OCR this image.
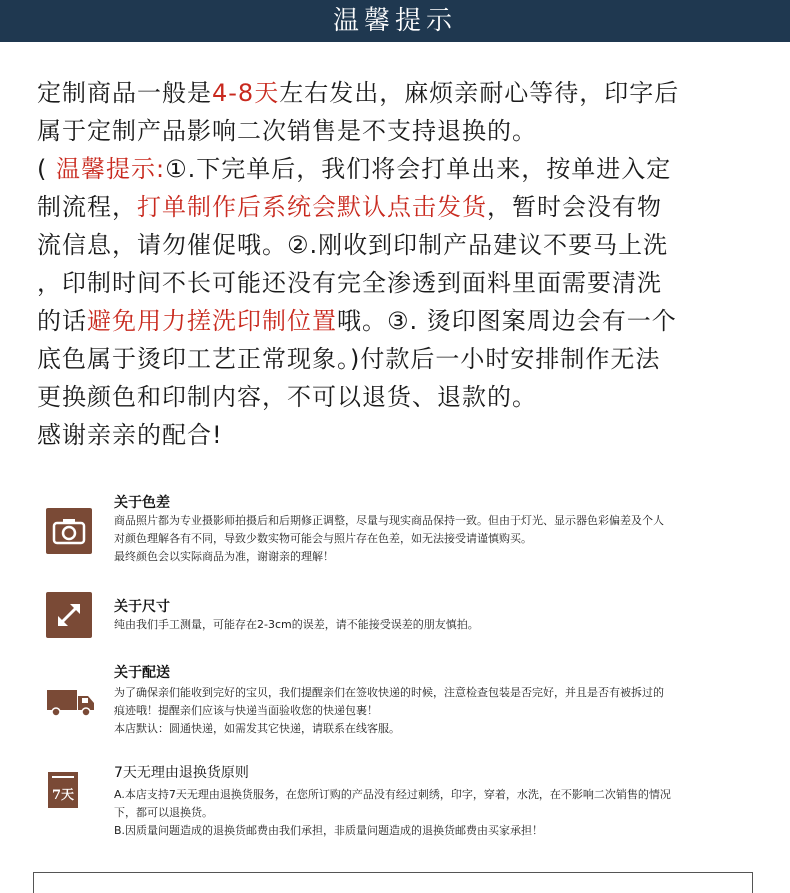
温馨提示

定制商品一般是4-8天左右发出，麻烦亲耐心等待，印字后

属于定制产品影响二次销售是不支持退换的。

( 温馨提示:①.下完单后，我们将会打单出来，按单进入定

制流程，打单制作后系统会默认点击发货，暂时会没有物

流信息，请勿催促哦。②.刚收到印制产品建议不要马上洗

，印制时间不长可能还没有完全渗透到面料里面需要清洗

的话避免用力搓洗印制位置哦。③. 烫印图案周边会有一个

底色属于烫印工艺正常现象。)付款后一小时安排制作无法

更换颜色和印制内容，不可以退货、退款的。

感谢亲亲的配合!

关于色差
商品照片都为专业摄影师拍摄后和后期修正调整，尽量与现实商品保持一致。但由于灯光、显示器色彩偏差及个人
对颜色理解各有不同，导致少数实物可能会与照片存在色差，如无法接受请谨慎购买。
最终颜色会以实际商品为准，谢谢亲的理解！
关于尺寸
纯由我们手工测量，可能存在2-3cm的误差，请不能接受误差的朋友慎拍。
关于配送
为了确保亲们能收到完好的宝贝，我们提醒亲们在签收快递的时候，注意检查包装是否完好，并且是否有被拆过的
痕迹哦！提醒亲们应该与快递当面验收您的快递包裹！
本店默认：圆通快递，如需发其它快递，请联系在线客服。
7天
7天无理由退换货原则
A.本店支持7天无理由退换货服务，在您所订购的产品没有经过刺绣，印字，穿着，水洗，在不影响二次销售的情况
下，都可以退换货。
B.因质量问题造成的退换货邮费由我们承担，非质量问题造成的退换货邮费由买家承担！
